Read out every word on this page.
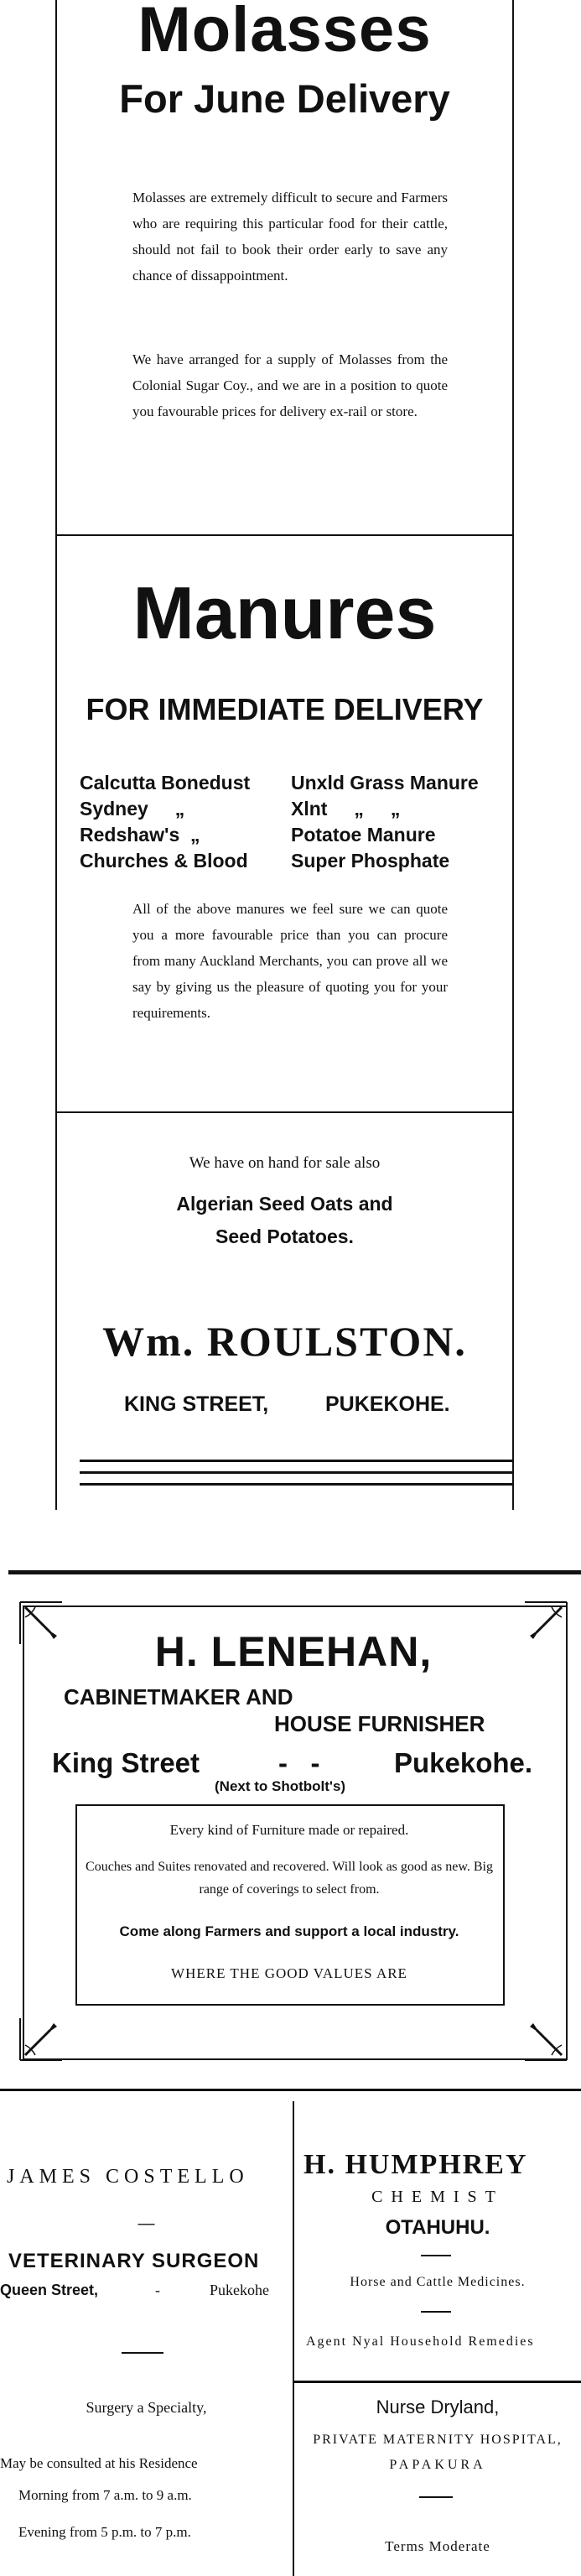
Molasses
For June Delivery
Molasses are extremely difficult to secure and Farmers who are requiring this particular food for their cattle, should not fail to book their order early to save any chance of dissappointment.
We have arranged for a supply of Molasses from the Colonial Sugar Coy., and we are in a position to quote you favourable prices for delivery ex-rail or store.
Manures
FOR IMMEDIATE DELIVERY
Calcutta Bonedust
Sydney     „
Redshaw's  „
Churches & Blood
Unxld Grass Manure
Xlnt     „     „
Potatoe Manure
Super Phosphate
All of the above manures we feel sure we can quote you a more favourable price than you can procure from many Auckland Merchants, you can prove all we say by giving us the pleasure of quoting you for your requirements.
We have on hand for sale also
Algerian Seed Oats and
Seed Potatoes.
Wm. ROULSTON.
KING STREET,	PUKEKOHE.
H. LENEHAN,
CABINETMAKER AND
HOUSE FURNISHER
King Street	-   -	Pukekohe.
(Next to Shotbolt's)
Every kind of Furniture made or repaired.
Couches and Suites renovated and recovered. Will look as good as new. Big range of coverings to select from.
Come along Farmers and support a local industry.
WHERE THE GOOD VALUES ARE
JAMES COSTELLO
—
VETERINARY SURGEON
Queen Street,	-	Pukekohe
Surgery a Specialty,
May be consulted at his Residence
Morning from 7 a.m. to 9 a.m.
Evening from 5 p.m. to 7 p.m.
H. HUMPHREY
CHEMIST
OTAHUHU.
Horse and Cattle Medicines.
Agent Nyal Household Remedies
Nurse Dryland,
PRIVATE MATERNITY HOSPITAL,
PAPAKURA
Terms Moderate
